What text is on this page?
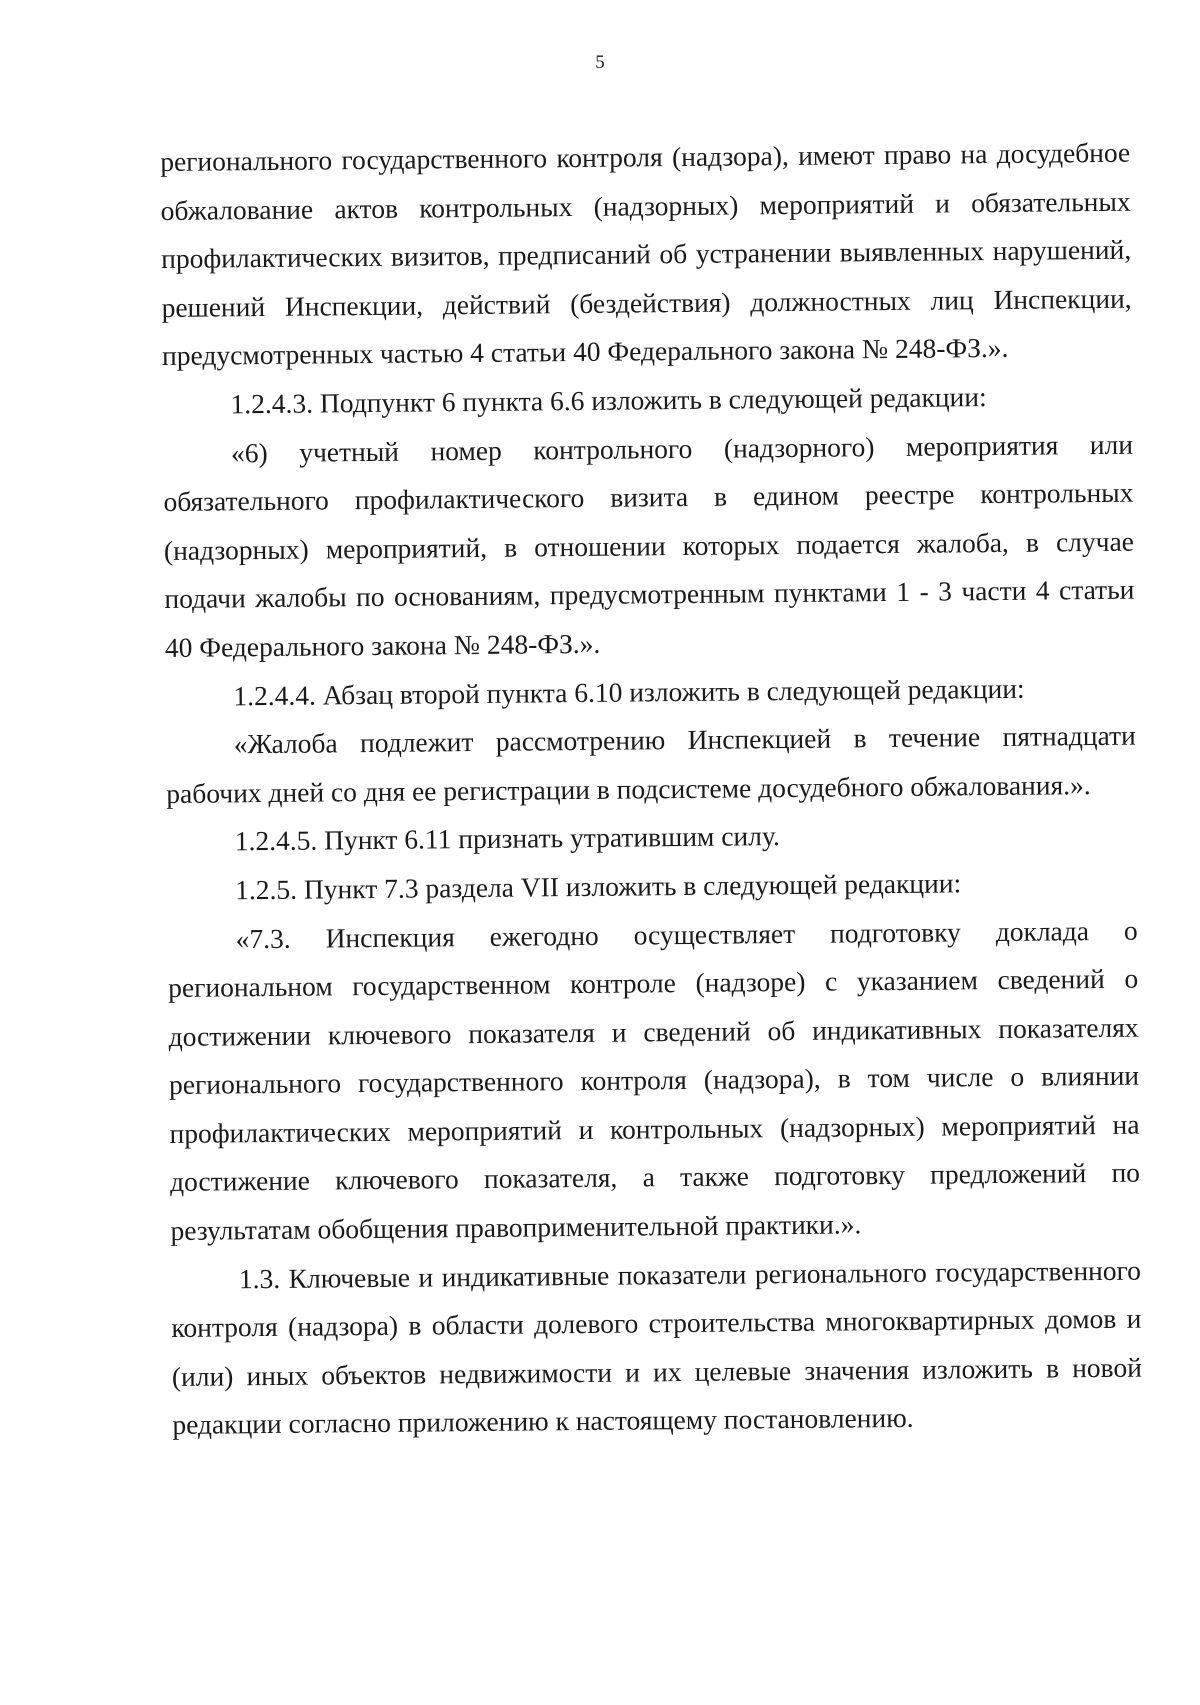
5

регионального государственного контроля (надзора), имеют право на досудебное обжалование актов контрольных (надзорных) мероприятий и обязательных профилактических визитов, предписаний об устранении выявленных нарушений, решений Инспекции, действий (бездействия) должностных лиц Инспекции, предусмотренных частью 4 статьи 40 Федерального закона № 248-ФЗ.».

1.2.4.3. Подпункт 6 пункта 6.6 изложить в следующей редакции:

«6) учетный номер контрольного (надзорного) мероприятия или обязательного профилактического визита в едином реестре контрольных (надзорных) мероприятий, в отношении которых подается жалоба, в случае подачи жалобы по основаниям, предусмотренным пунктами 1 - 3 части 4 статьи 40 Федерального закона № 248-ФЗ.».

1.2.4.4. Абзац второй пункта 6.10 изложить в следующей редакции:

«Жалоба подлежит рассмотрению Инспекцией в течение пятнадцати рабочих дней со дня ее регистрации в подсистеме досудебного обжалования.».

1.2.4.5. Пункт 6.11 признать утратившим силу.

1.2.5. Пункт 7.3 раздела VII изложить в следующей редакции:

«7.3. Инспекция ежегодно осуществляет подготовку доклада о региональном государственном контроле (надзоре) с указанием сведений о достижении ключевого показателя и сведений об индикативных показателях регионального государственного контроля (надзора), в том числе о влиянии профилактических мероприятий и контрольных (надзорных) мероприятий на достижение ключевого показателя, а также подготовку предложений по результатам обобщения правоприменительной практики.».

1.3. Ключевые и индикативные показатели регионального государственного контроля (надзора) в области долевого строительства многоквартирных домов и (или) иных объектов недвижимости и их целевые значения изложить в новой редакции согласно приложению к настоящему постановлению.
